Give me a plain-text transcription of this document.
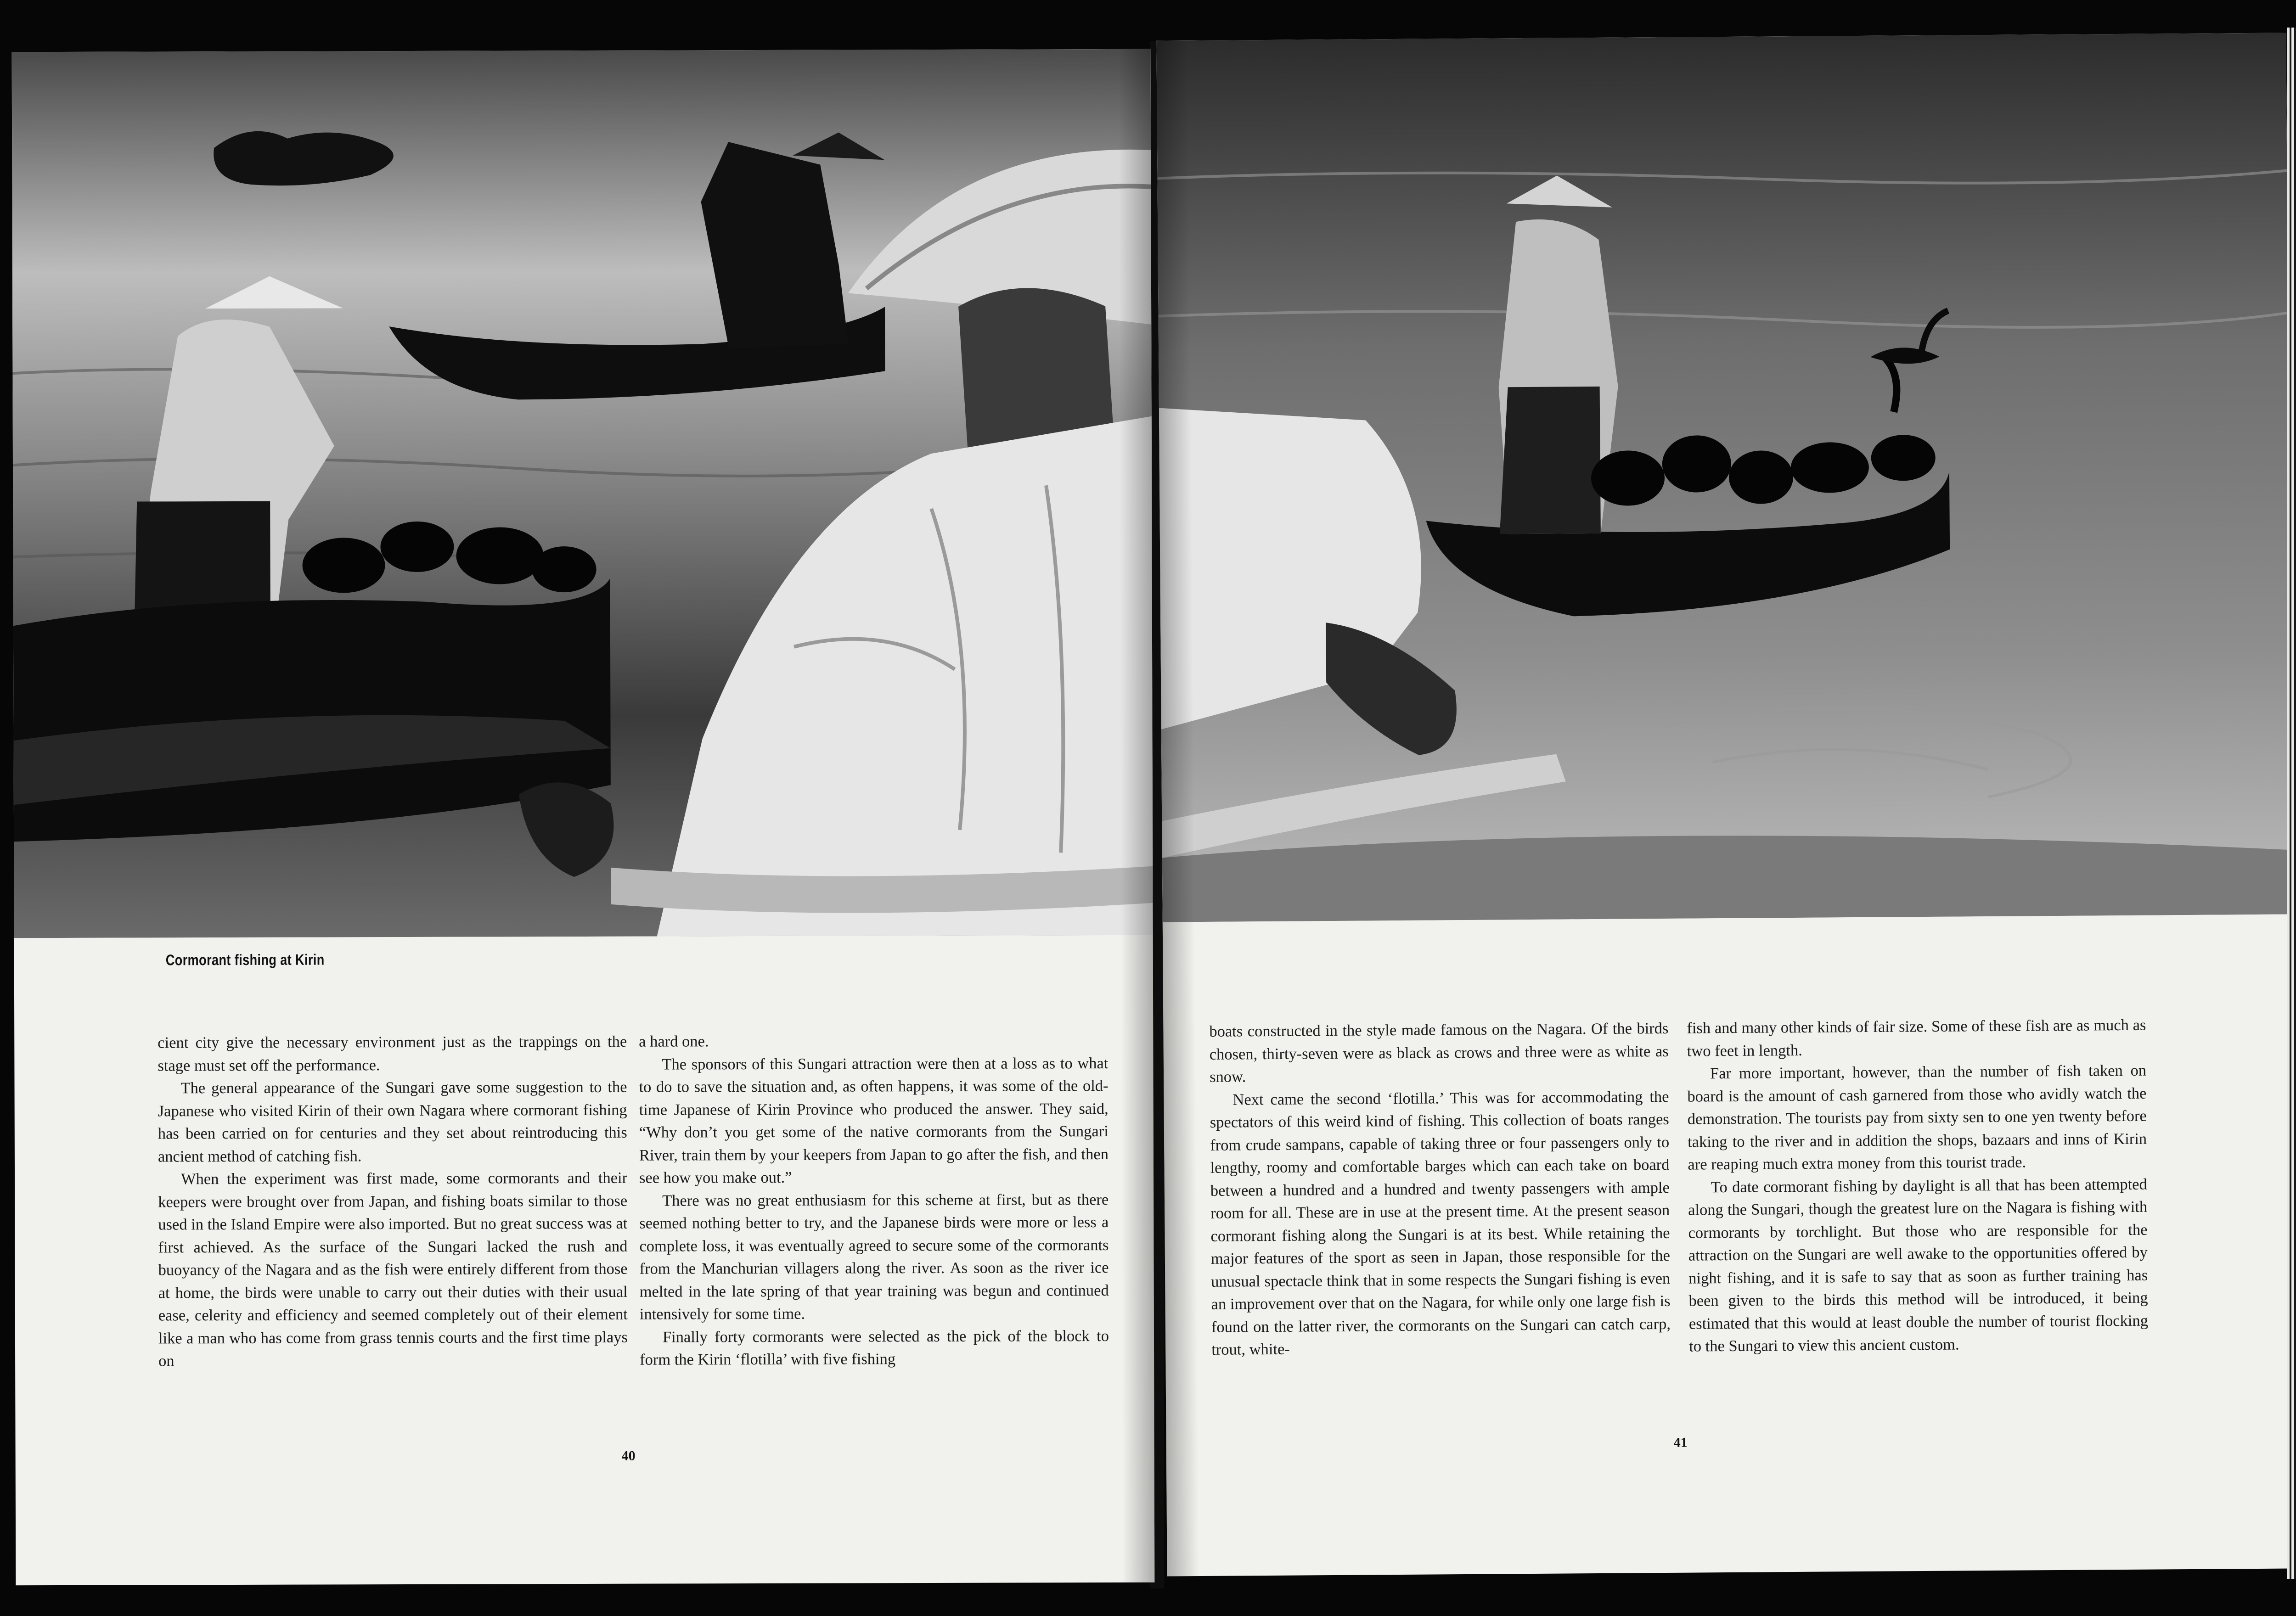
Cormorant fishing at Kirin

cient city give the necessary environment just as the trappings on the stage must set off the performance.

The general appearance of the Sungari gave some suggestion to the Japanese who visited Kirin of their own Nagara where cormorant fishing has been carried on for centuries and they set about reintroducing this ancient method of catching fish.

When the experiment was first made, some cormorants and their keepers were brought over from Japan, and fishing boats similar to those used in the Island Empire were also imported. But no great success was at first achieved. As the surface of the Sungari lacked the rush and buoyancy of the Nagara and as the fish were entirely different from those at home, the birds were unable to carry out their duties with their usual ease, celerity and efficiency and seemed completely out of their element like a man who has come from grass tennis courts and the first time plays on

a hard one.

The sponsors of this Sungari attraction were then at a loss as to what to do to save the situation and, as often happens, it was some of the old-time Japanese of Kirin Province who produced the answer. They said, “Why don’t you get some of the native cormorants from the Sungari River, train them by your keepers from Japan to go after the fish, and then see how you make out.”

There was no great enthusiasm for this scheme at first, but as there seemed nothing better to try, and the Japanese birds were more or less a complete loss, it was eventually agreed to secure some of the cormorants from the Manchurian villagers along the river. As soon as the river ice melted in the late spring of that year training was begun and continued intensively for some time.

Finally forty cormorants were selected as the pick of the block to form the Kirin ‘flotilla’ with five fishing

40

boats constructed in the style made famous on the Nagara. Of the birds chosen, thirty-seven were as black as crows and three were as white as snow.

Next came the second ‘flotilla.’ This was for accommodating the spectators of this weird kind of fishing. This collection of boats ranges from crude sampans, capable of taking three or four passengers only to lengthy, roomy and comfortable barges which can each take on board between a hundred and a hundred and twenty passengers with ample room for all. These are in use at the present time. At the present season cormorant fishing along the Sungari is at its best. While retaining the major features of the sport as seen in Japan, those responsible for the unusual spectacle think that in some respects the Sungari fishing is even an improvement over that on the Nagara, for while only one large fish is found on the latter river, the cormorants on the Sungari can catch carp, trout, white-

fish and many other kinds of fair size. Some of these fish are as much as two feet in length.

Far more important, however, than the number of fish taken on board is the amount of cash garnered from those who avidly watch the demonstration. The tourists pay from sixty sen to one yen twenty before taking to the river and in addition the shops, bazaars and inns of Kirin are reaping much extra money from this tourist trade.

To date cormorant fishing by daylight is all that has been attempted along the Sungari, though the greatest lure on the Nagara is fishing with cormorants by torchlight. But those who are responsible for the attraction on the Sungari are well awake to the opportunities offered by night fishing, and it is safe to say that as soon as further training has been given to the birds this method will be introduced, it being estimated that this would at least double the number of tourist flocking to the Sungari to view this ancient custom.

41
